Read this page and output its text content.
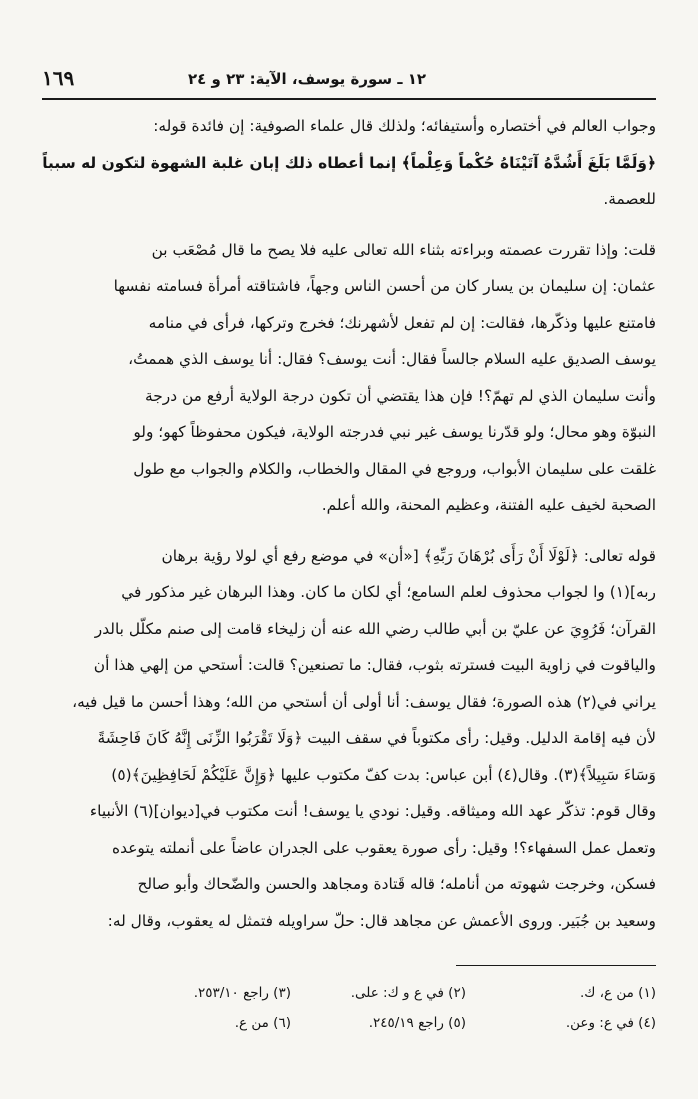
١٦٩	١٢ ـ سورة يوسف، الآية: ٢٣ و ٢٤
وجواب العالم في أختصاره وأستيفائه؛ ولذلك قال علماء الصوفية: إن فائدة قوله:
﴿وَلَمَّا بَلَغَ أَشُدَّهُ آتَيْنَاهُ حُكْماً وَعِلْماً﴾ إنما أعطاه ذلك إبان غلبة الشهوة لتكون له سبباً
للعصمة.
قلت: وإذا تقررت عصمته وبراءته بثناء الله تعالى عليه فلا يصح ما قال مُصْعَب بن
عثمان: إن سليمان بن يسار كان من أحسن الناس وجهاً، فاشتاقته أمرأة فسامته نفسها
فامتنع عليها وذكّرها، فقالت: إن لم تفعل لأشهرنك؛ فخرج وتركها، فرأى في منامه
يوسف الصديق عليه السلام جالساً فقال: أنت يوسف؟ فقال: أنا يوسف الذي هممتُ،
وأنت سليمان الذي لم تهمّ؟! فإن هذا يقتضي أن تكون درجة الولاية أرفع من درجة
النبوّة وهو محال؛ ولو قدّرنا يوسف غير نبي فدرجته الولاية، فيكون محفوظاً كهو؛ ولو
غلقت على سليمان الأبواب، وروجع في المقال والخطاب، والكلام والجواب مع طول
الصحبة لخيف عليه الفتنة، وعظيم المحنة، والله أعلم.
قوله تعالى: ﴿لَوْلَا أَنْ رَأَى بُرْهَانَ رَبِّهِ﴾ [«أن» في موضع رفع أي لولا رؤية برهان
ربه](١) وا لجواب محذوف لعلم السامع؛ أي لكان ما كان. وهذا البرهان غير مذكور في
القرآن؛ فَرُوِيَ عن عليّ بن أبي طالب رضي الله عنه أن زليخاء قامت إلى صنم مكلّل بالدر
والياقوت في زاوية البيت فسترته بثوب، فقال: ما تصنعين؟ قالت: أستحي من إلهي هذا أن
يراني في(٢) هذه الصورة؛ فقال يوسف: أنا أولى أن أستحي من الله؛ وهذا أحسن ما قيل فيه،
لأن فيه إقامة الدليل. وقيل: رأى مكتوباً في سقف البيت ﴿وَلَا تَقْرَبُوا الزِّنَى إِنَّهُ كَانَ فَاحِشَةً
وَسَاءَ سَبِيلاً﴾(٣). وقال(٤) أبن عباس: بدت كفّ مكتوب عليها ﴿وَإِنَّ عَلَيْكُمْ لَحَافِظِينَ﴾(٥)
وقال قوم: تذكّر عهد الله وميثاقه. وقيل: نودي يا يوسف! أنت مكتوب في[ديوان](٦) الأنبياء
وتعمل عمل السفهاء؟! وقيل: رأى صورة يعقوب على الجدران عاضاً على أنملته يتوعده
فسكن، وخرجت شهوته من أنامله؛ قاله قَتادة ومجاهد والحسن والضّحاك وأبو صالح
وسعيد بن جُبَير. وروى الأعمش عن مجاهد قال: حلّ سراويله فتمثل له يعقوب، وقال له:
(١) من ع، ك.
(٢) في ع و ك: على.
(٣) راجع ٢٥٣/١٠.
(٤) في ع: وعن.
(٥) راجع ٢٤٥/١٩.
(٦) من ع.
